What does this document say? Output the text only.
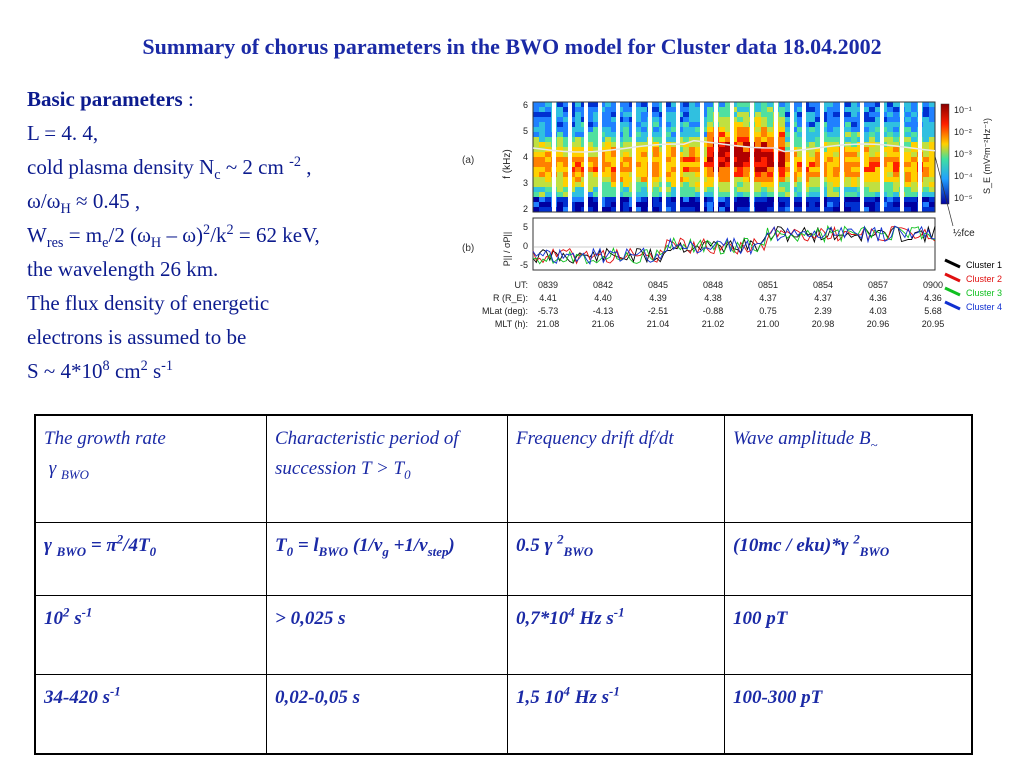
Summary of chorus parameters in the BWO model for Cluster data 18.04.2002
Basic parameters :
L = 4. 4,
cold plasma density $N_c$ ~ 2 cm $^{-2}$ ,
$\omega/\omega_H \approx 0.45$ ,
$W_{res} = m_e/2$ $(\omega_H - \omega)^2/k^2 = 62$ keV,
the wavelength 26 km.
The flux density of energetic
electrons is assumed to be
S ~ $4*10^8$ $cm^2$ $s^{-1}$
(a)
(b)
f (kHz)
P|| / σP||
6
5
4
3
2
5
0
-5
10⁻¹
10⁻²
10⁻³
10⁻⁴
10⁻⁵
S_E (mV²m⁻²Hz⁻¹)
½fce
UT: 0839	0842	0845	0848	0851	0854	0857	0900
R (R_E): 4.41	4.40	4.39	4.38	4.37	4.37	4.36	4.36
MLat (deg): -5.73	-4.13	-2.51	-0.88	0.75	2.39	4.03	5.68
MLT (h): 21.08	21.06	21.04	21.02	21.00	20.98	20.96	20.95
Cluster 1
Cluster 2
Cluster 3
Cluster 4
The growth rate
γ $_{BWO}$	Characteristic period of succession $T > T_0$	Frequency drift df/dt	Wave amplitude $B_\sim$
γ $_{BWO} = \pi^2/4T_0$	$T_0 = l_{BWO}$ $(1/v_g +1/v_{step})$	0.5 γ $^2_{BWO}$	(10mc / eku)*γ $^2_{BWO}$
$10^2$ $s^{-1}$	> 0,025 s	$0,7*10^4$ Hz $s^{-1}$	100 pT
34-420 $s^{-1}$	0,02-0,05 s	1,5 $10^4$ Hz $s^{-1}$	100-300 pT
